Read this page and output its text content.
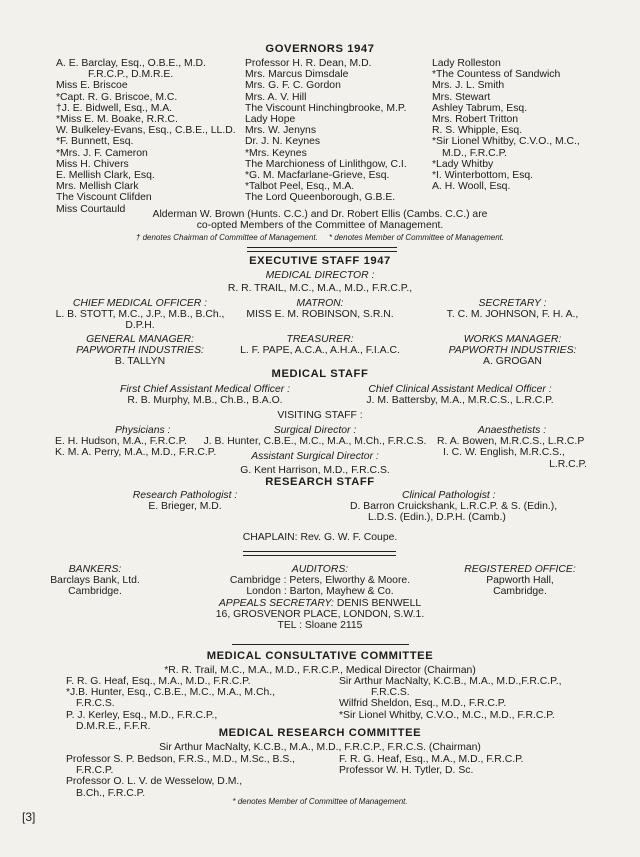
GOVERNORS 1947
A. E. Barclay, Esq., O.B.E., M.D.
F.R.C.P., D.M.R.E.
Miss E. Briscoe
*Capt. R. G. Briscoe, M.C.
†J. E. Bidwell, Esq., M.A.
*Miss E. M. Boake, R.R.C.
W. Bulkeley-Evans, Esq., C.B.E., LL.D.
*F. Bunnett, Esq.
*Mrs. J. F. Cameron
Miss H. Chivers
E. Mellish Clark, Esq.
Mrs. Mellish Clark
The Viscount Clifden
Miss Courtauld
Professor H. R. Dean, M.D.
Mrs. Marcus Dimsdale
Mrs. G. F. C. Gordon
Mrs. A. V. Hill
The Viscount Hinchingbrooke, M.P.
Lady Hope
Mrs. W. Jenyns
Dr. J. N. Keynes
*Mrs. Keynes
The Marchioness of Linlithgow, C.I.
*G. M. Macfarlane-Grieve, Esq.
*Talbot Peel, Esq., M.A.
The Lord Queenborough, G.B.E.
Lady Rolleston
*The Countess of Sandwich
Mrs. J. L. Smith
Mrs. Stewart
Ashley Tabrum, Esq.
Mrs. Robert Tritton
R. S. Whipple, Esq.
*Sir Lionel Whitby, C.V.O., M.C.,
M.D., F.R.C.P.
*Lady Whitby
*I. Winterbottom, Esq.
A. H. Wooll, Esq.
Alderman W. Brown (Hunts. C.C.) and Dr. Robert Ellis (Cambs. C.C.) are
co-opted Members of the Committee of Management.
† denotes Chairman of Committee of Management.     * denotes Member of Committee of Management.
EXECUTIVE STAFF 1947
MEDICAL DIRECTOR :
R. R. TRAIL, M.C., M.A., M.D., F.R.C.P.,
CHIEF MEDICAL OFFICER :
L. B. STOTT, M.C., J.P., M.B., B.Ch.,
D.P.H.
MATRON:
MISS E. M. ROBINSON, S.R.N.
SECRETARY :
T. C. M. JOHNSON, F. H. A.,
GENERAL MANAGER:
PAPWORTH INDUSTRIES:
B. TALLYN
TREASURER:
L. F. PAPE, A.C.A., A.H.A., F.I.A.C.
WORKS MANAGER:
PAPWORTH INDUSTRIES:
A. GROGAN
MEDICAL STAFF
First Chief Assistant Medical Officer :
R. B. Murphy, M.B., Ch.B., B.A.O.
Chief Clinical Assistant Medical Officer :
J. M. Battersby, M.A., M.R.C.S., L.R.C.P.
VISITING STAFF :
Physicians :
E. H. Hudson, M.A., F.R.C.P.
K. M. A. Perry, M.A., M.D., F.R.C.P.
Surgical Director :
J. B. Hunter, C.B.E., M.C., M.A., M.Ch., F.R.C.S.
Assistant Surgical Director :
G. Kent Harrison, M.D., F.R.C.S.
Anaesthetists :
R. A. Bowen, M.R.C.S., L.R.C.P
I. C. W. English, M.R.C.S.,
L.R.C.P.
RESEARCH STAFF
Research Pathologist :
E. Brieger, M.D.
Clinical Pathologist :
D. Barron Cruickshank, L.R.C.P. & S. (Edin.),
L.D.S. (Edin.), D.P.H. (Camb.)
CHAPLAIN: Rev. G. W. F. Coupe.
BANKERS:
Barclays Bank, Ltd.
Cambridge.
AUDITORS:
Cambridge : Peters, Elworthy & Moore.
London : Barton, Mayhew & Co.
APPEALS SECRETARY: DENIS BENWELL
16, GROSVENOR PLACE, LONDON, S.W.1.
TEL : Sloane 2115
REGISTERED OFFICE:
Papworth Hall,
Cambridge.
MEDICAL CONSULTATIVE COMMITTEE
*R. R. Trail, M.C., M.A., M.D., F.R.C.P., Medical Director (Chairman)
F. R. G. Heaf, Esq., M.A., M.D., F.R.C.P.
*J.B. Hunter, Esq., C.B.E., M.C., M.A., M.Ch.,
F.R.C.S.
P. J. Kerley, Esq., M.D., F.R.C.P.,
D.M.R.E., F.F.R.
Sir Arthur MacNalty, K.C.B., M.A., M.D.,F.R.C.P.,
F.R.C.S.
Wilfrid Sheldon, Esq., M.D., F.R.C.P.
*Sir Lionel Whitby, C.V.O., M.C., M.D., F.R.C.P.
MEDICAL RESEARCH COMMITTEE
Sir Arthur MacNalty, K.C.B., M.A., M.D., F.R.C.P., F.R.C.S. (Chairman)
Professor S. P. Bedson, F.R.S., M.D., M.Sc., B.S.,
F.R.C.P.
Professor O. L. V. de Wesselow, D.M.,
B.Ch., F.R.C.P.
F. R. G. Heaf, Esq., M.A., M.D., F.R.C.P.
Professor W. H. Tytler, D. Sc.
* denotes Member of Committee of Management.
[3]
